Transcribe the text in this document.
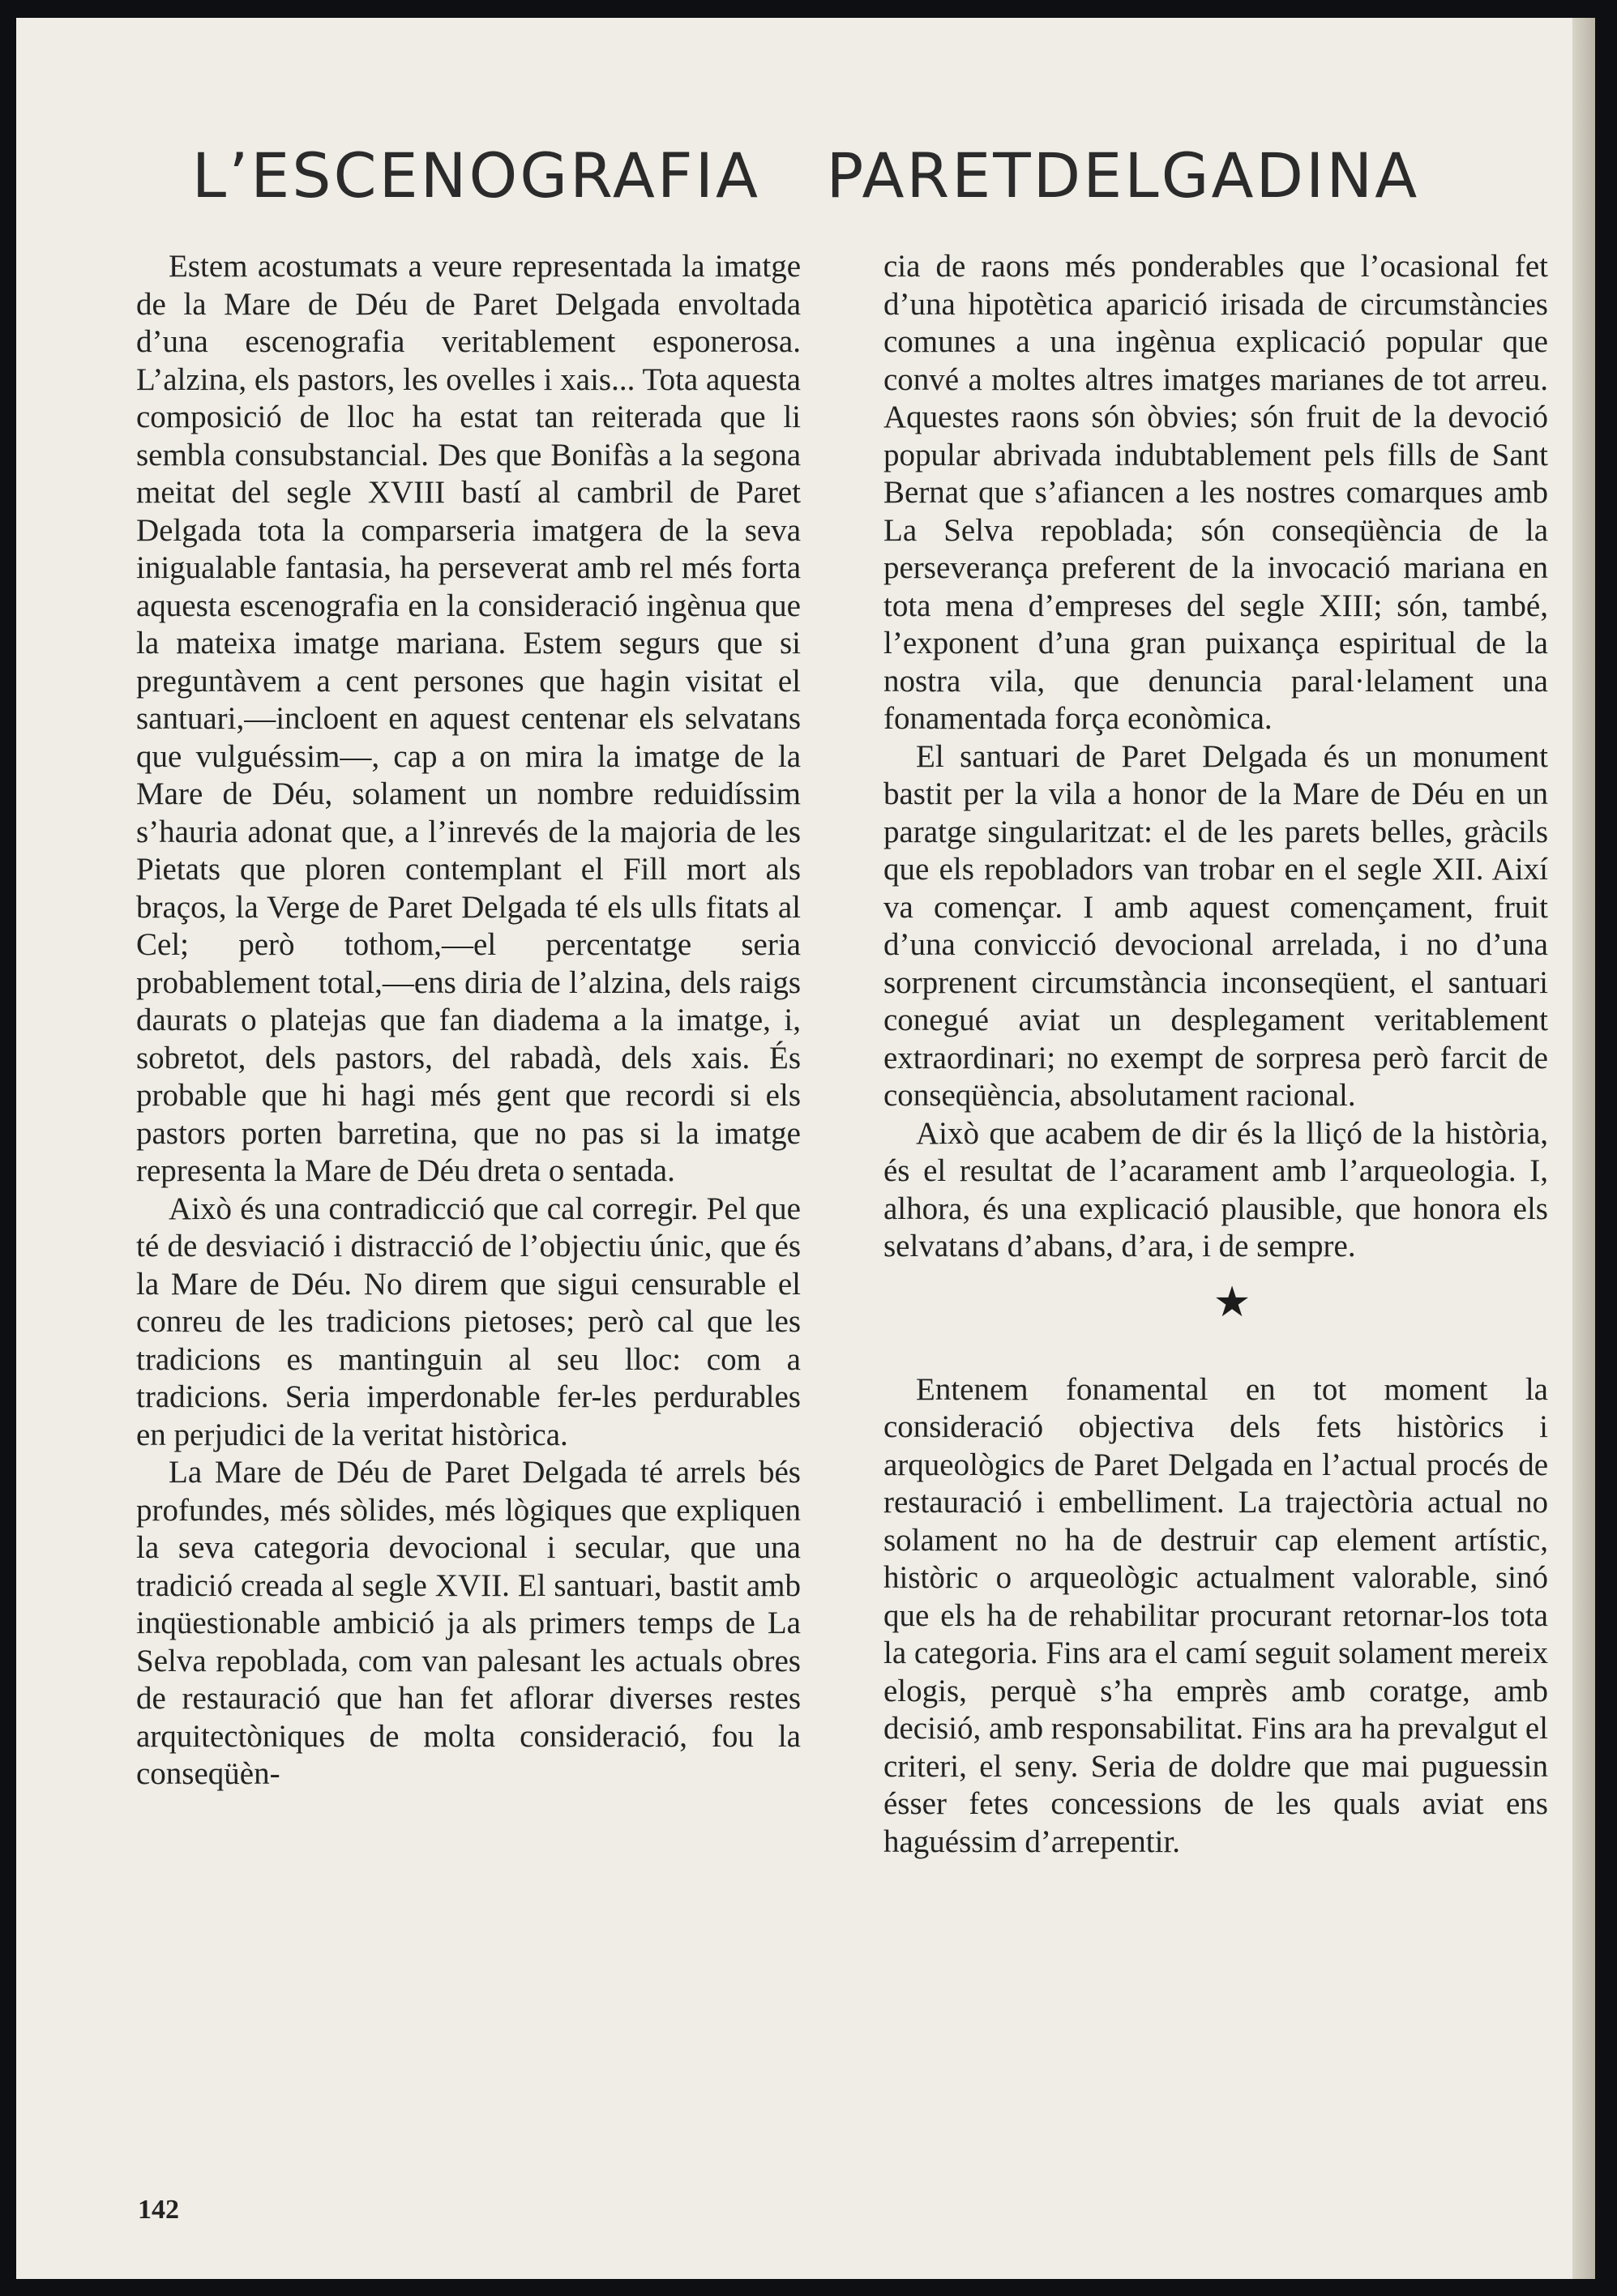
L’ESCENOGRAFIA   PARETDELGADINA

Estem acostumats a veure representada la imatge de la Mare de Déu de Paret Delgada envoltada d’una escenografia veritablement esponerosa. L’alzina, els pastors, les ovelles i xais... Tota aquesta composició de lloc ha estat tan reiterada que li sembla consubstancial. Des que Bonifàs a la segona meitat del segle XVIII bastí al cambril de Paret Delgada tota la comparseria imatgera de la seva inigualable fantasia, ha perseverat amb rel més forta aquesta escenografia en la consideració ingènua que la mateixa imatge mariana. Estem segurs que si preguntàvem a cent persones que hagin visitat el santuari,—incloent en aquest centenar els selvatans que vulguéssim—, cap a on mira la imatge de la Mare de Déu, solament un nombre reduidíssim s’hauria adonat que, a l’inrevés de la majoria de les Pietats que ploren contemplant el Fill mort als braços, la Verge de Paret Delgada té els ulls fitats al Cel; però tothom,—el percentatge seria probablement total,—ens diria de l’alzina, dels raigs daurats o platejas que fan diadema a la imatge, i, sobretot, dels pastors, del rabadà, dels xais. És probable que hi hagi més gent que recordi si els pastors porten barretina, que no pas si la imatge representa la Mare de Déu dreta o sentada.

Això és una contradicció que cal corregir. Pel que té de desviació i distracció de l’objectiu únic, que és la Mare de Déu. No direm que sigui censurable el conreu de les tradicions pietoses; però cal que les tradicions es mantinguin al seu lloc: com a tradicions. Seria imperdonable fer-les perdurables en perjudici de la veritat històrica.

La Mare de Déu de Paret Delgada té arrels bés profundes, més sòlides, més lògiques que expliquen la seva categoria devocional i secular, que una tradició creada al segle XVII. El santuari, bastit amb inqüestionable ambició ja als primers temps de La Selva repoblada, com van palesant les actuals obres de restauració que han fet aflorar diverses restes arquitectòniques de molta consideració, fou la conseqüèn-

cia de raons més ponderables que l’ocasional fet d’una hipotètica aparició irisada de circumstàncies comunes a una ingènua explicació popular que convé a moltes altres imatges marianes de tot arreu. Aquestes raons són òbvies; són fruit de la devoció popular abrivada indubtablement pels fills de Sant Bernat que s’afiancen a les nostres comarques amb La Selva repoblada; són conseqüència de la perseverança preferent de la invocació mariana en tota mena d’empreses del segle XIII; són, també, l’exponent d’una gran puixança espiritual de la nostra vila, que denuncia paral·lelament una fonamentada força econòmica.

El santuari de Paret Delgada és un monument bastit per la vila a honor de la Mare de Déu en un paratge singularitzat: el de les parets belles, gràcils que els repobladors van trobar en el segle XII. Així va començar. I amb aquest començament, fruit d’una convicció devocional arrelada, i no d’una sorprenent circumstància inconseqüent, el santuari conegué aviat un desplegament veritablement extraordinari; no exempt de sorpresa però farcit de conseqüència, absolutament racional.

Això que acabem de dir és la lliçó de la història, és el resultat de l’acarament amb l’arqueologia. I, alhora, és una explicació plausible, que honora els selvatans d’abans, d’ara, i de sempre.

★

Entenem fonamental en tot moment la consideració objectiva dels fets històrics i arqueològics de Paret Delgada en l’actual procés de restauració i embelliment. La trajectòria actual no solament no ha de destruir cap element artístic, històric o arqueològic actualment valorable, sinó que els ha de rehabilitar procurant retornar-los tota la categoria. Fins ara el camí seguit solament mereix elogis, perquè s’ha emprès amb coratge, amb decisió, amb responsabilitat. Fins ara ha prevalgut el criteri, el seny. Seria de doldre que mai puguessin ésser fetes concessions de les quals aviat ens haguéssim d’arrepentir.

142
